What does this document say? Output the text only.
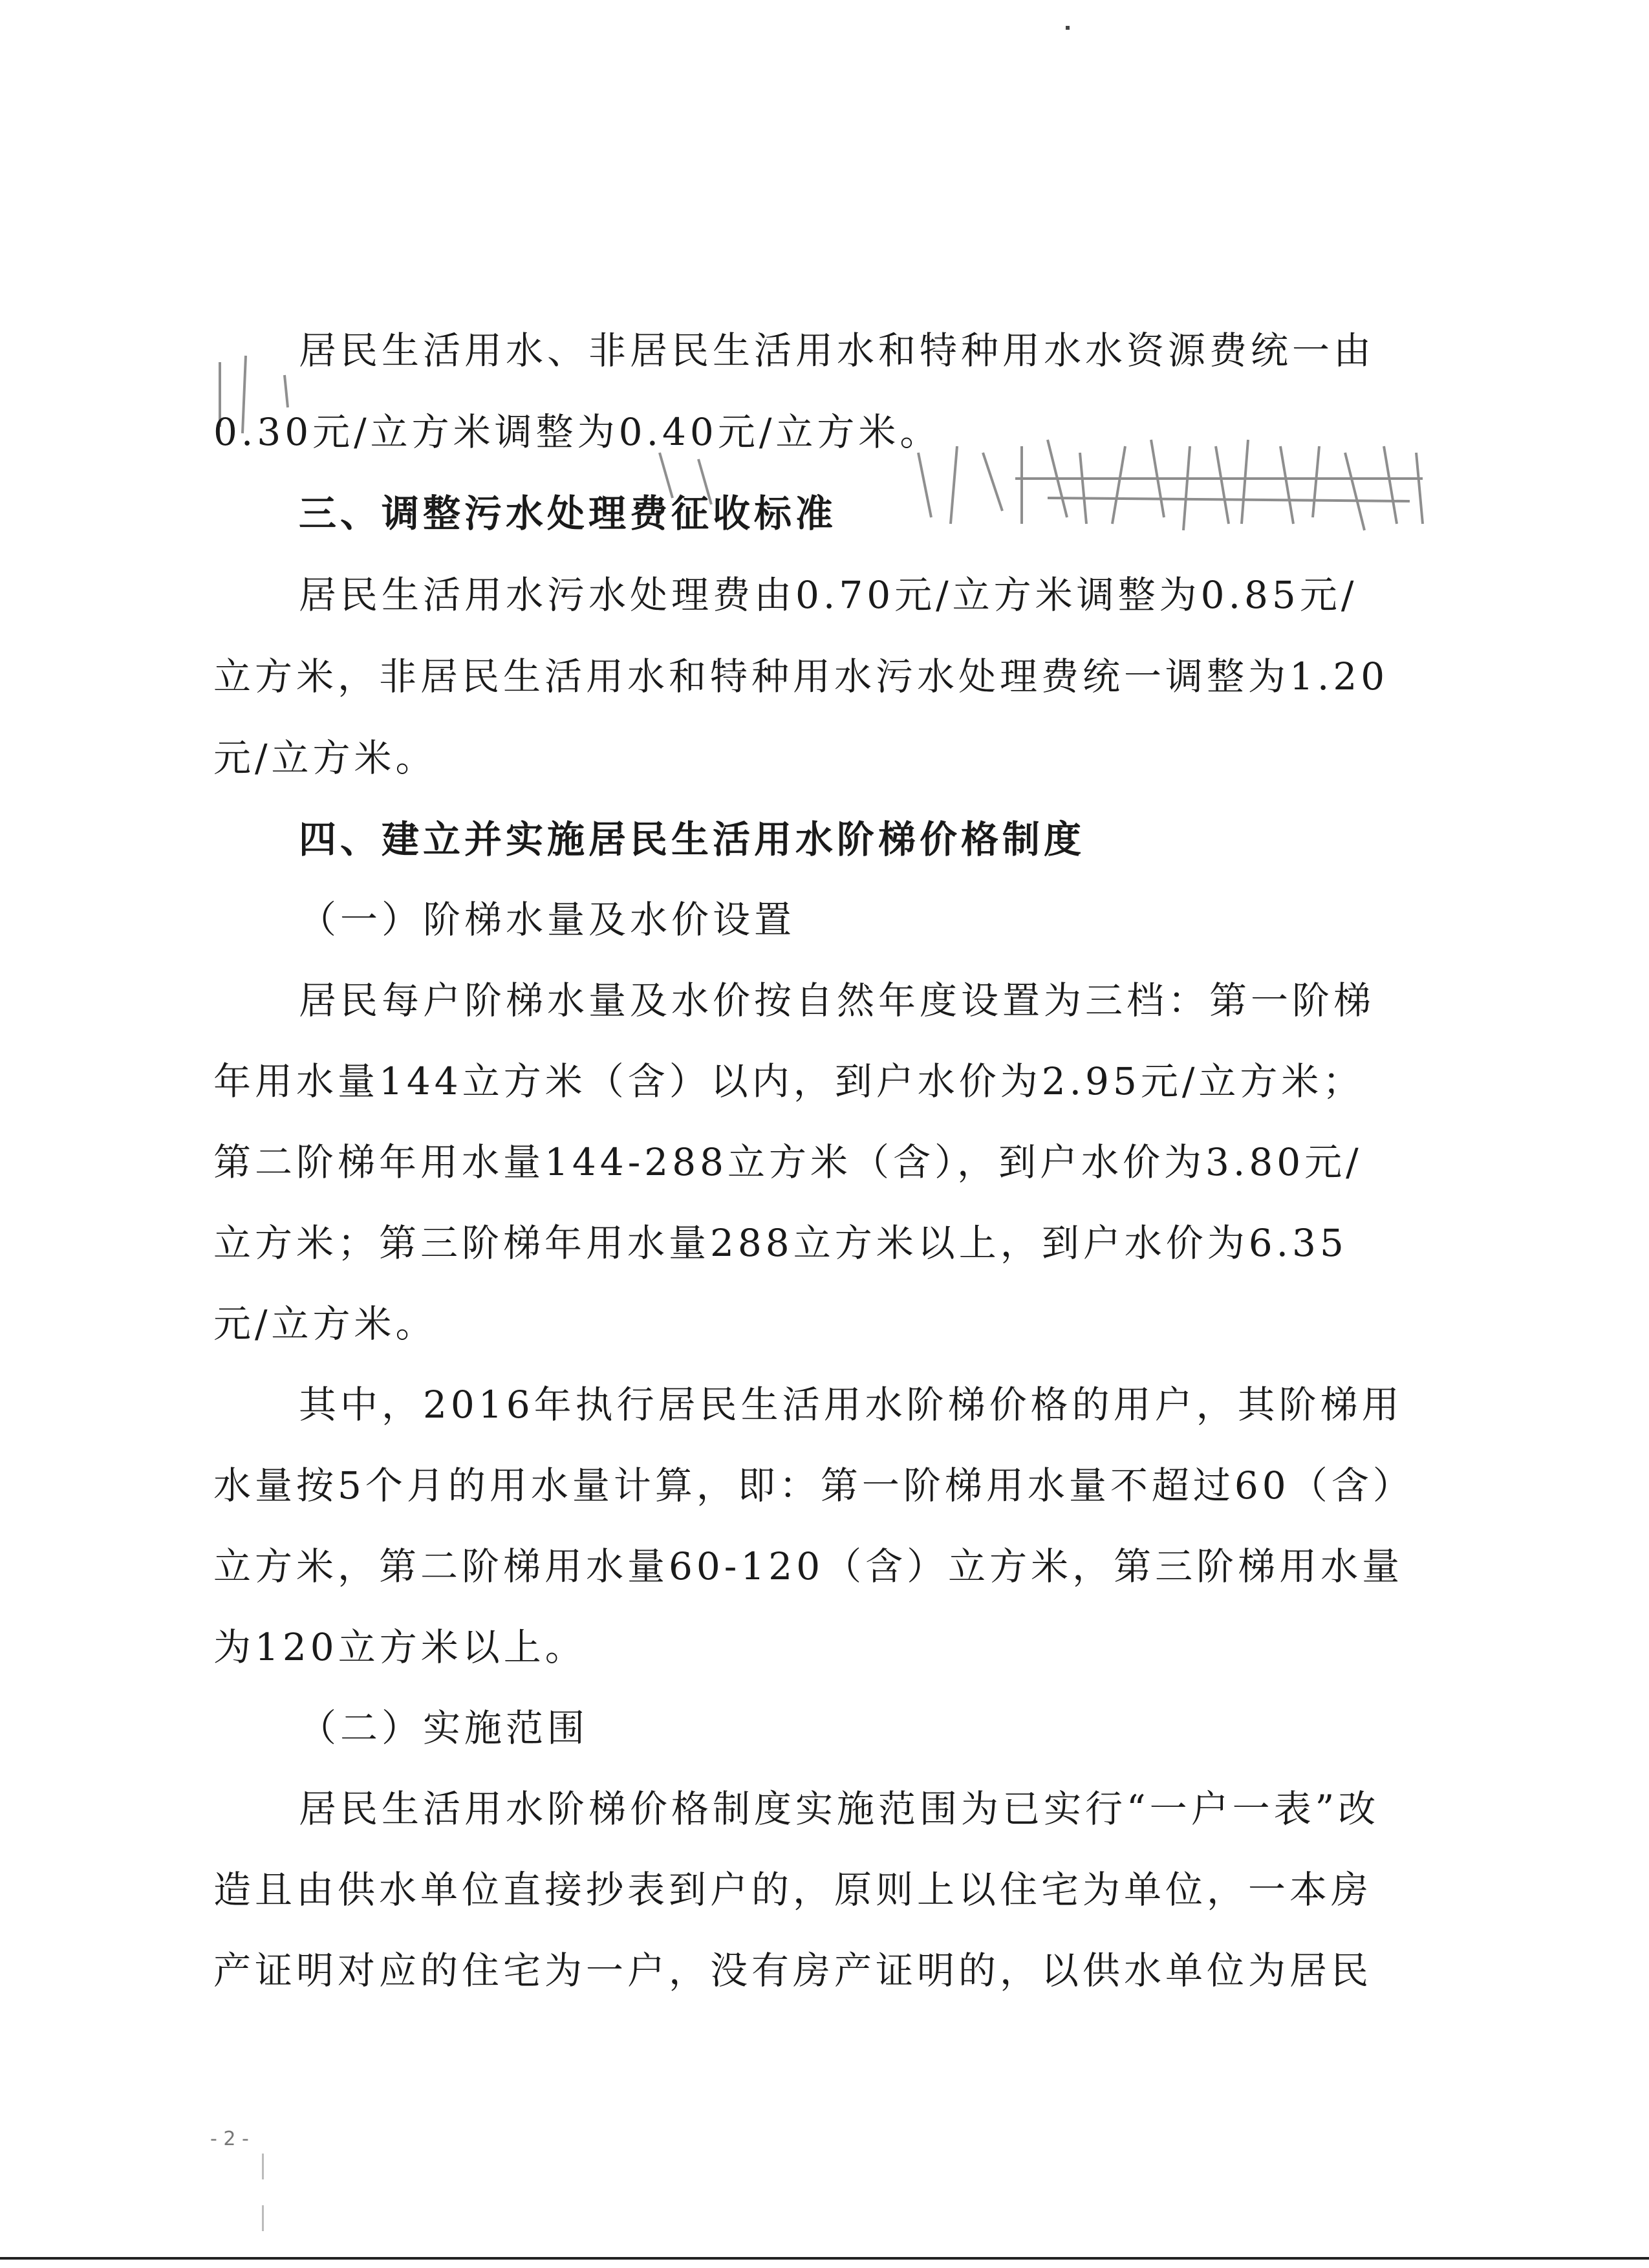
居民生活用水、非居民生活用水和特种用水水资源费统一由
0.30元/立方米调整为0.40元/立方米。
三、调整污水处理费征收标准
居民生活用水污水处理费由0.70元/立方米调整为0.85元/
立方米，非居民生活用水和特种用水污水处理费统一调整为1.20
元/立方米。
四、建立并实施居民生活用水阶梯价格制度
（一）阶梯水量及水价设置
居民每户阶梯水量及水价按自然年度设置为三档：第一阶梯
年用水量144立方米（含）以内，到户水价为2.95元/立方米；
第二阶梯年用水量144-288立方米（含），到户水价为3.80元/
立方米；第三阶梯年用水量288立方米以上，到户水价为6.35
元/立方米。
其中，2016年执行居民生活用水阶梯价格的用户，其阶梯用
水量按5个月的用水量计算，即：第一阶梯用水量不超过60（含）
立方米，第二阶梯用水量60-120（含）立方米，第三阶梯用水量
为120立方米以上。
（二）实施范围
居民生活用水阶梯价格制度实施范围为已实行“一户一表”改
造且由供水单位直接抄表到户的，原则上以住宅为单位，一本房
产证明对应的住宅为一户，没有房产证明的，以供水单位为居民
- 2 -
